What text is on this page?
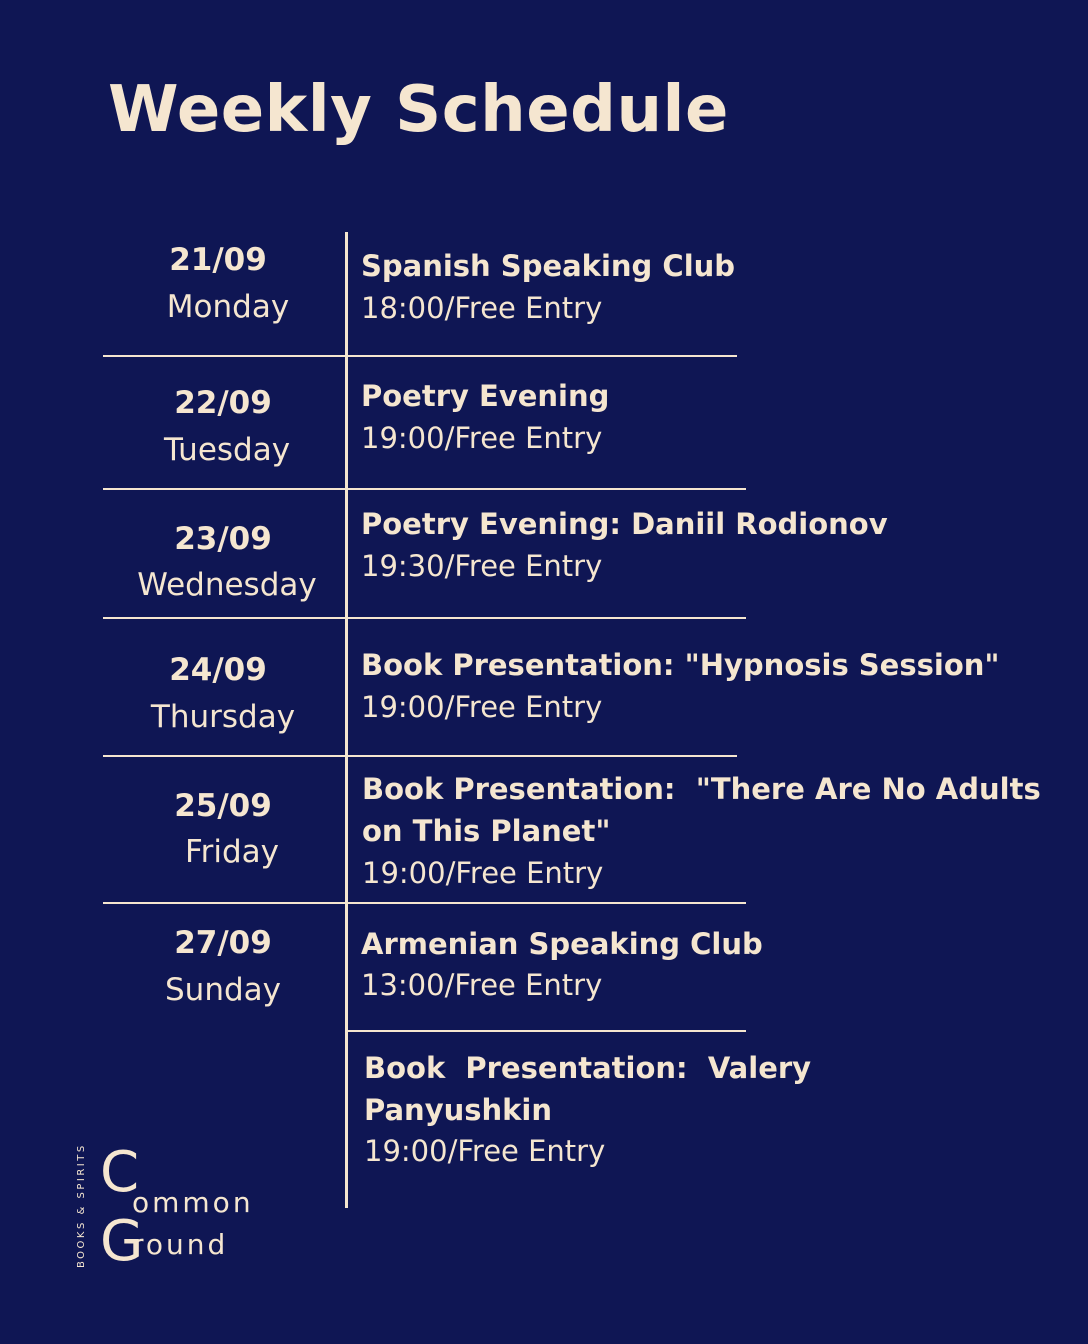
Weekly Schedule
21/09
Monday
22/09
Tuesday
23/09
Wednesday
24/09
Thursday
25/09
Friday
27/09
Sunday
Spanish Speaking Club
18:00/Free Entry
Poetry Evening
19:00/Free Entry
Poetry Evening: Daniil Rodionov
19:30/Free Entry
Book Presentation: "Hypnosis Session"
19:00/Free Entry
Book Presentation:  "There Are No Adults
on This Planet"
19:00/Free Entry
Armenian Speaking Club
13:00/Free Entry
Book  Presentation:  Valery
Panyushkin
19:00/Free Entry
BOOKS & SPIRITS C
ommon
G
round
